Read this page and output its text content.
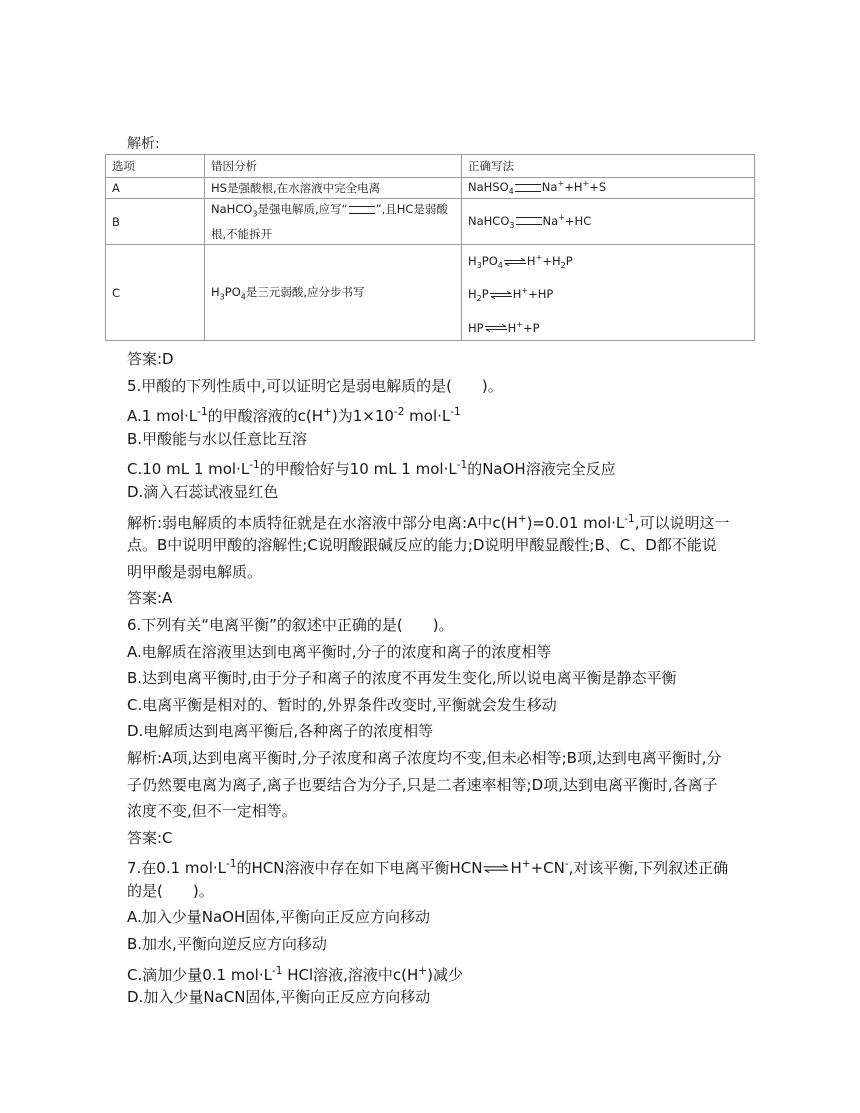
解析:
选项	错因分析	正确写法
A	HS是强酸根,在水溶液中完全电离	NaHSO$_4$ Na++H++S
B	NaHCO$_3$是强电解质,应写“ ”,且HC是弱酸根,不能拆开	NaHCO$_3$ Na++HC
C	$H_3PO_4$是三元弱酸,应分步书写	$H_3PO_4\rightleftharpoons H^++H_2P$
$H_2P\rightleftharpoons H^++HP$
HP⇌H++P
答案:D
5.甲酸的下列性质中,可以证明它是弱电解质的是(　　)。
A.1 $mol\cdot L^{-1}$的甲酸溶液的c(H+)为$1\times 10^{-2}$ $mol\cdot L^{-1}$
B.甲酸能与水以任意比互溶
C.10 mL 1 $mol\cdot L^{-1}$的甲酸恰好与10 mL 1 $mol\cdot L^{-1}$的NaOH溶液完全反应
D.滴入石蕊试液显红色
解析:弱电解质的本质特征就是在水溶液中部分电离:A中c(H+)=0.01 $mol\cdot L^{-1}$,可以说明这一
点。B中说明甲酸的溶解性;C说明酸跟碱反应的能力;D说明甲酸显酸性;B、C、D都不能说
明甲酸是弱电解质。
答案:A
6.下列有关“电离平衡”的叙述中正确的是(　　)。
A.电解质在溶液里达到电离平衡时,分子的浓度和离子的浓度相等
B.达到电离平衡时,由于分子和离子的浓度不再发生变化,所以说电离平衡是静态平衡
C.电离平衡是相对的、暂时的,外界条件改变时,平衡就会发生移动
D.电解质达到电离平衡后,各种离子的浓度相等
解析:A项,达到电离平衡时,分子浓度和离子浓度均不变,但未必相等;B项,达到电离平衡时,分
子仍然要电离为离子,离子也要结合为分子,只是二者速率相等;D项,达到电离平衡时,各离子
浓度不变,但不一定相等。
答案:C
7.在0.1 $mol\cdot L^{-1}$的HCN溶液中存在如下电离平衡HCN⇌H++CN-,对该平衡,下列叙述正确
的是(　　)。
A.加入少量NaOH固体,平衡向正反应方向移动
B.加水,平衡向逆反应方向移动
C.滴加少量0.1 $mol\cdot L^{-1}$ HCl溶液,溶液中c(H+)减少
D.加入少量NaCN固体,平衡向正反应方向移动
